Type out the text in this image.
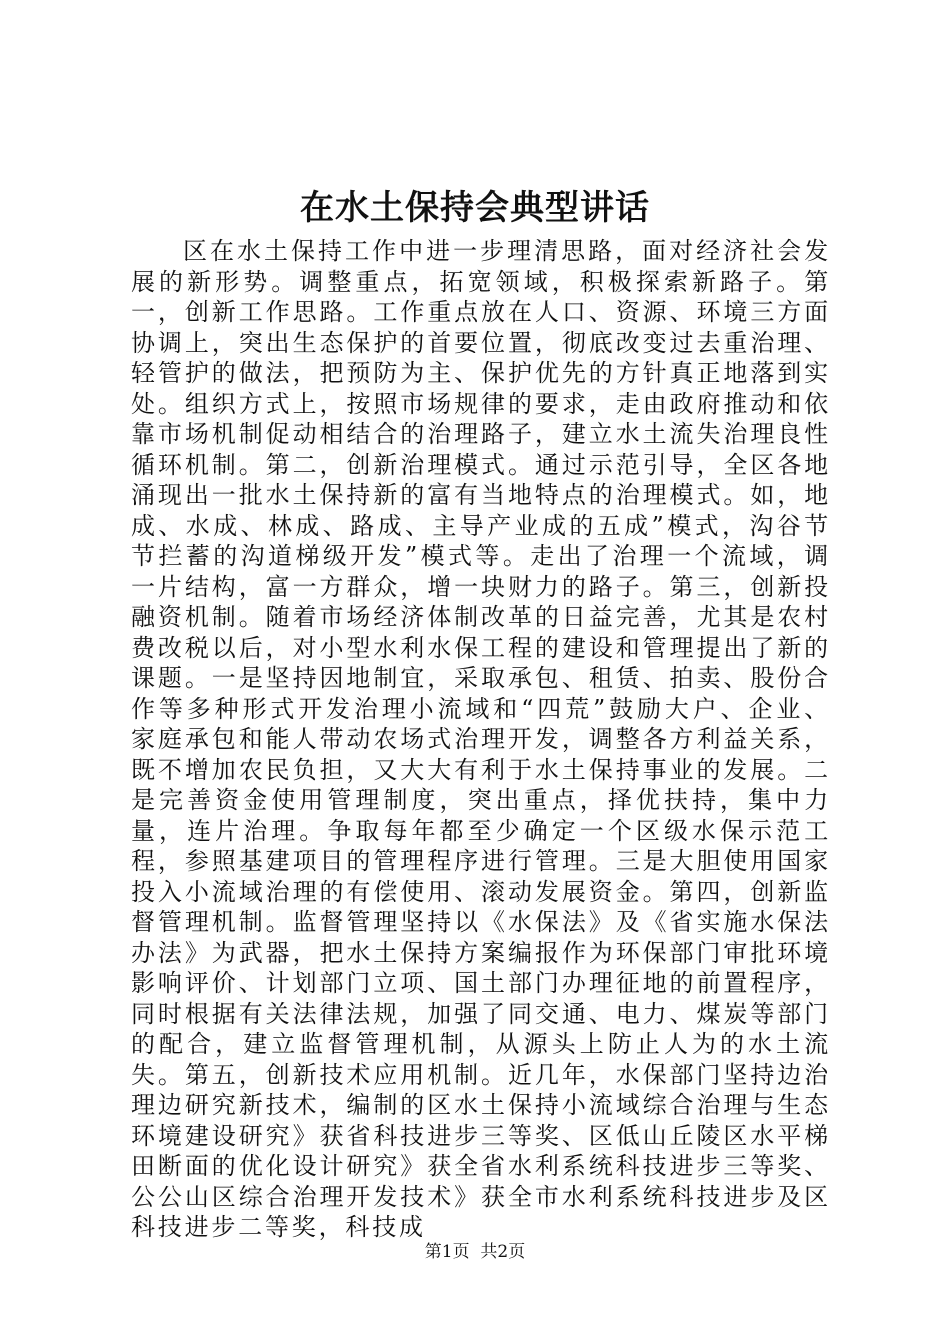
在水土保持会典型讲话

区在水土保持工作中进一步理清思路，面对经济社会发展的新形势。调整重点，拓宽领域，积极探索新路子。第一，创新工作思路。工作重点放在人口、资源、环境三方面协调上，突出生态保护的首要位置，彻底改变过去重治理、轻管护的做法，把预防为主、保护优先的方针真正地落到实处。组织方式上，按照市场规律的要求，走由政府推动和依靠市场机制促动相结合的治理路子，建立水土流失治理良性循环机制。第二，创新治理模式。通过示范引导，全区各地涌现出一批水土保持新的富有当地特点的治理模式。如，地成、水成、林成、路成、主导产业成的五成”模式，沟谷节节拦蓄的沟道梯级开发”模式等。走出了治理一个流域，调一片结构，富一方群众，增一块财力的路子。第三，创新投融资机制。随着市场经济体制改革的日益完善，尤其是农村费改税以后，对小型水利水保工程的建设和管理提出了新的课题。一是坚持因地制宜，采取承包、租赁、拍卖、股份合作等多种形式开发治理小流域和“四荒”鼓励大户、企业、家庭承包和能人带动农场式治理开发，调整各方利益关系，既不增加农民负担，又大大有利于水土保持事业的发展。二是完善资金使用管理制度，突出重点，择优扶持，集中力量，连片治理。争取每年都至少确定一个区级水保示范工程，参照基建项目的管理程序进行管理。三是大胆使用国家投入小流域治理的有偿使用、滚动发展资金。第四，创新监督管理机制。监督管理坚持以《水保法》及《省实施水保法办法》为武器，把水土保持方案编报作为环保部门审批环境影响评价、计划部门立项、国土部门办理征地的前置程序，同时根据有关法律法规，加强了同交通、电力、煤炭等部门的配合，建立监督管理机制，从源头上防止人为的水土流失。第五，创新技术应用机制。近几年，水保部门坚持边治理边研究新技术，编制的区水土保持小流域综合治理与生态环境建设研究》获省科技进步三等奖、区低山丘陵区水平梯田断面的优化设计研究》获全省水利系统科技进步三等奖、公公山区综合治理开发技术》获全市水利系统科技进步及区科技进步二等奖，科技成

第1页 共2页
